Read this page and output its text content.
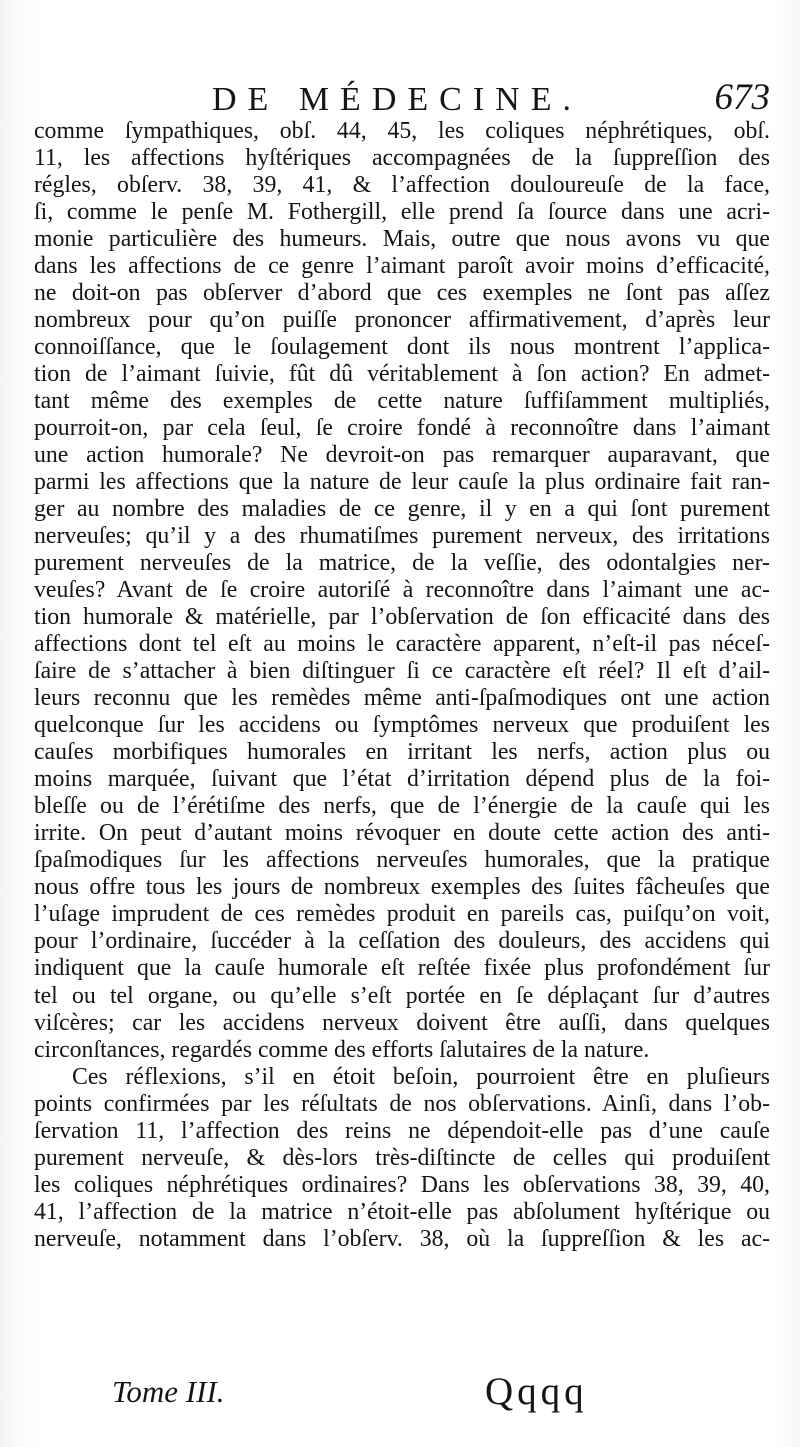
DE MÉDECINE.	673
comme ſympathiques, obſ. 44, 45, les coliques néphrétiques, obſ.
11, les affections hyſtériques accompagnées de la ſuppreſſion des
régles, obſerv. 38, 39, 41, & l’affection douloureuſe de la face,
ſi, comme le penſe M. Fothergill, elle prend ſa ſource dans une acri-
monie particulière des humeurs. Mais, outre que nous avons vu que
dans les affections de ce genre l’aimant paroît avoir moins d’efficacité,
ne doit-on pas obſerver d’abord que ces exemples ne ſont pas aſſez
nombreux pour qu’on puiſſe prononcer affirmativement, d’après leur
connoiſſance, que le ſoulagement dont ils nous montrent l’applica-
tion de l’aimant ſuivie, fût dû véritablement à ſon action? En admet-
tant même des exemples de cette nature ſuffiſamment multipliés,
pourroit-on, par cela ſeul, ſe croire fondé à reconnoître dans l’aimant
une action humorale? Ne devroit-on pas remarquer auparavant, que
parmi les affections que la nature de leur cauſe la plus ordinaire fait ran-
ger au nombre des maladies de ce genre, il y en a qui ſont purement
nerveuſes; qu’il y a des rhumatiſmes purement nerveux, des irritations
purement nerveuſes de la matrice, de la veſſie, des odontalgies ner-
veuſes? Avant de ſe croire autoriſé à reconnoître dans l’aimant une ac-
tion humorale & matérielle, par l’obſervation de ſon efficacité dans des
affections dont tel eſt au moins le caractère apparent, n’eſt-il pas néceſ-
ſaire de s’attacher à bien diſtinguer ſi ce caractère eſt réel? Il eſt d’ail-
leurs reconnu que les remèdes même anti-ſpaſmodiques ont une action
quelconque ſur les accidens ou ſymptômes nerveux que produiſent les
cauſes morbifiques humorales en irritant les nerfs, action plus ou
moins marquée, ſuivant que l’état d’irritation dépend plus de la foi-
bleſſe ou de l’érétiſme des nerfs, que de l’énergie de la cauſe qui les
irrite. On peut d’autant moins révoquer en doute cette action des anti-
ſpaſmodiques ſur les affections nerveuſes humorales, que la pratique
nous offre tous les jours de nombreux exemples des ſuites fâcheuſes que
l’uſage imprudent de ces remèdes produit en pareils cas, puiſqu’on voit,
pour l’ordinaire, ſuccéder à la ceſſation des douleurs, des accidens qui
indiquent que la cauſe humorale eſt reſtée fixée plus profondément ſur
tel ou tel organe, ou qu’elle s’eſt portée en ſe déplaçant ſur d’autres
viſcères; car les accidens nerveux doivent être auſſi, dans quelques
circonſtances, regardés comme des efforts ſalutaires de la nature.
Ces réflexions, s’il en étoit beſoin, pourroient être en pluſieurs
points confirmées par les réſultats de nos obſervations. Ainſi, dans l’ob-
ſervation 11, l’affection des reins ne dépendoit-elle pas d’une cauſe
purement nerveuſe, & dès-lors très-diſtincte de celles qui produiſent
les coliques néphrétiques ordinaires? Dans les obſervations 38, 39, 40,
41, l’affection de la matrice n’étoit-elle pas abſolument hyſtérique ou
nerveuſe, notamment dans l’obſerv. 38, où la ſuppreſſion & les ac-
Tome III.	Qqqq
